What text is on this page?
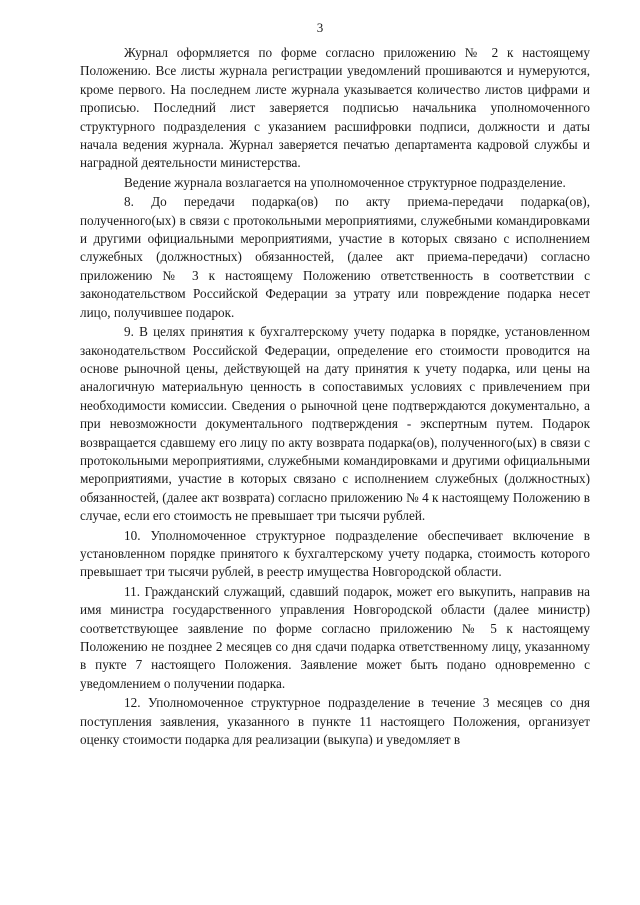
3

Журнал оформляется по форме согласно приложению № 2 к настоящему Положению. Все листы журнала регистрации уведомлений прошиваются и нумеруются, кроме первого. На последнем листе журнала указывается количество листов цифрами и прописью. Последний лист заверяется подписью начальника уполномоченного структурного подразделения с указанием расшифровки подписи, должности и даты начала ведения журнала. Журнал заверяется печатью департамента кадровой службы и наградной деятельности министерства.

Ведение журнала возлагается на уполномоченное структурное подразделение.

8. До передачи подарка(ов) по акту приема-передачи подарка(ов), полученного(ых) в связи с протокольными мероприятиями, служебными командировками и другими официальными мероприятиями, участие в которых связано с исполнением служебных (должностных) обязанностей, (далее акт приема-передачи) согласно приложению № 3 к настоящему Положению ответственность в соответствии с законодательством Российской Федерации за утрату или повреждение подарка несет лицо, получившее подарок.

9. В целях принятия к бухгалтерскому учету подарка в порядке, установленном законодательством Российской Федерации, определение его стоимости проводится на основе рыночной цены, действующей на дату принятия к учету подарка, или цены на аналогичную материальную ценность в сопоставимых условиях с привлечением при необходимости комиссии. Сведения о рыночной цене подтверждаются документально, а при невозможности документального подтверждения - экспертным путем. Подарок возвращается сдавшему его лицу по акту возврата подарка(ов), полученного(ых) в связи с протокольными мероприятиями, служебными командировками и другими официальными мероприятиями, участие в которых связано с исполнением служебных (должностных) обязанностей, (далее акт возврата) согласно приложению № 4 к настоящему Положению в случае, если его стоимость не превышает три тысячи рублей.

10. Уполномоченное структурное подразделение обеспечивает включение в установленном порядке принятого к бухгалтерскому учету подарка, стоимость которого превышает три тысячи рублей, в реестр имущества Новгородской области.

11. Гражданский служащий, сдавший подарок, может его выкупить, направив на имя министра государственного управления Новгородской области (далее министр) соответствующее заявление по форме согласно приложению № 5 к настоящему Положению не позднее 2 месяцев со дня сдачи подарка ответственному лицу, указанному в пукте 7 настоящего Положения. Заявление может быть подано одновременно с уведомлением о получении подарка.

12. Уполномоченное структурное подразделение в течение 3 месяцев со дня поступления заявления, указанного в пункте 11 настоящего Положения, организует оценку стоимости подарка для реализации (выкупа) и уведомляет в
